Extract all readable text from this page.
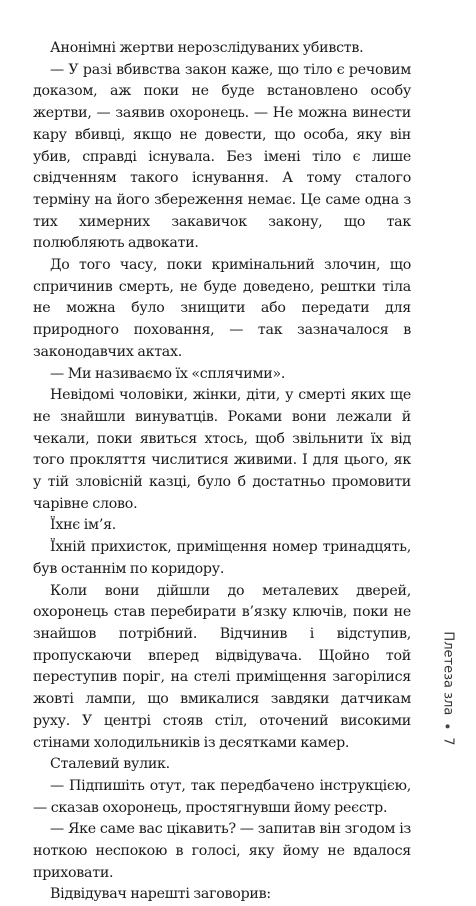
Анонімні жертви нерозслідуваних убивств.

— У разі вбивства закон каже, що тіло є речовим доказом, аж поки не буде встановлено особу жертви, — заявив охоронець. — Не можна винести кару вбивці, якщо не довести, що особа, яку він убив, справді існувала. Без імені тіло є лише свідченням такого існування. А тому сталого терміну на його збереження немає. Це саме одна з тих химерних закавичок закону, що так полюбляють адвокати.

До того часу, поки кримінальний злочин, що спричинив смерть, не буде доведено, рештки тіла не можна було знищити або передати для природного поховання, — так зазначалося в законодавчих актах.

— Ми називаємо їх «сплячими».

Невідомі чоловіки, жінки, діти, у смерті яких ще не знайшли винуватців. Роками вони лежали й чекали, поки явиться хтось, щоб звільнити їх від того прокляття числитися живими. І для цього, як у тій зловісній казці, було б достатньо промовити чарівне слово.

Їхнє ім’я.

Їхній прихисток, приміщення номер тринадцять, був останнім по коридору.

Коли вони дійшли до металевих дверей, охоронець став перебирати в’язку ключів, поки не знайшов потрібний. Відчинив і відступив, пропускаючи вперед відвідувача. Щойно той переступив поріг, на стелі приміщення загорілися жовті лампи, що вмикалися завдяки датчикам руху. У центрі стояв стіл, оточений високими стінами холодильників із десятками камер.

Сталевий вулик.

— Підпишіть отут, так передбачено інструкцією, — сказав охоронець, простягнувши йому реєстр.

— Яке саме вас цікавить? — запитав він згодом із ноткою неспокою в голосі, яку йому не вдалося приховати.

Відвідувач нарешті заговорив:

Плетеза зла
7
